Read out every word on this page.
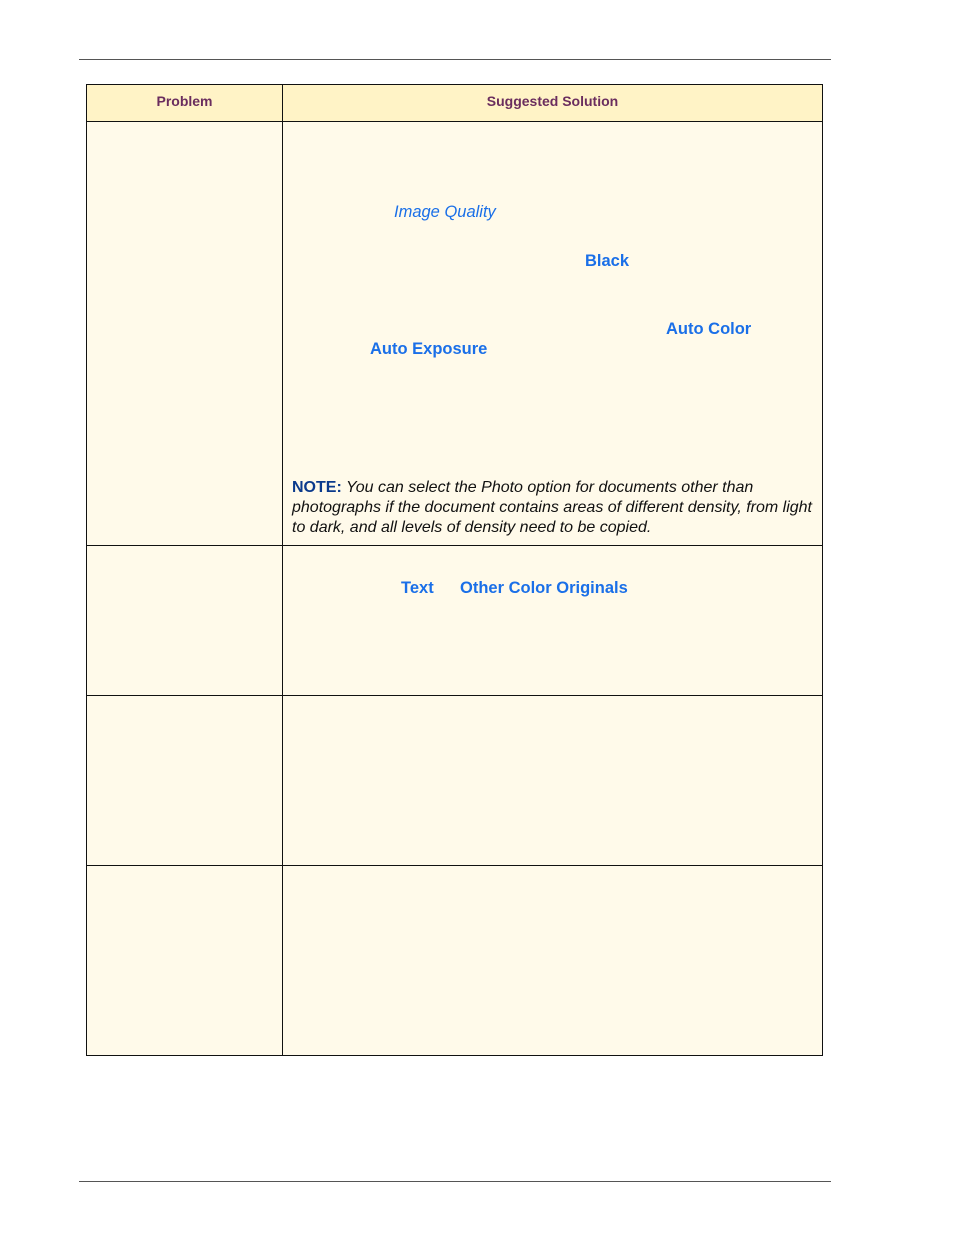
Problem	Suggested Solution
Image Quality
Black
Auto Color
Auto Exposure
NOTE: You can select the Photo option for documents other than photographs if the document contains areas of different density, from light to dark, and all levels of density need to be copied.
Text Other Color Originals
